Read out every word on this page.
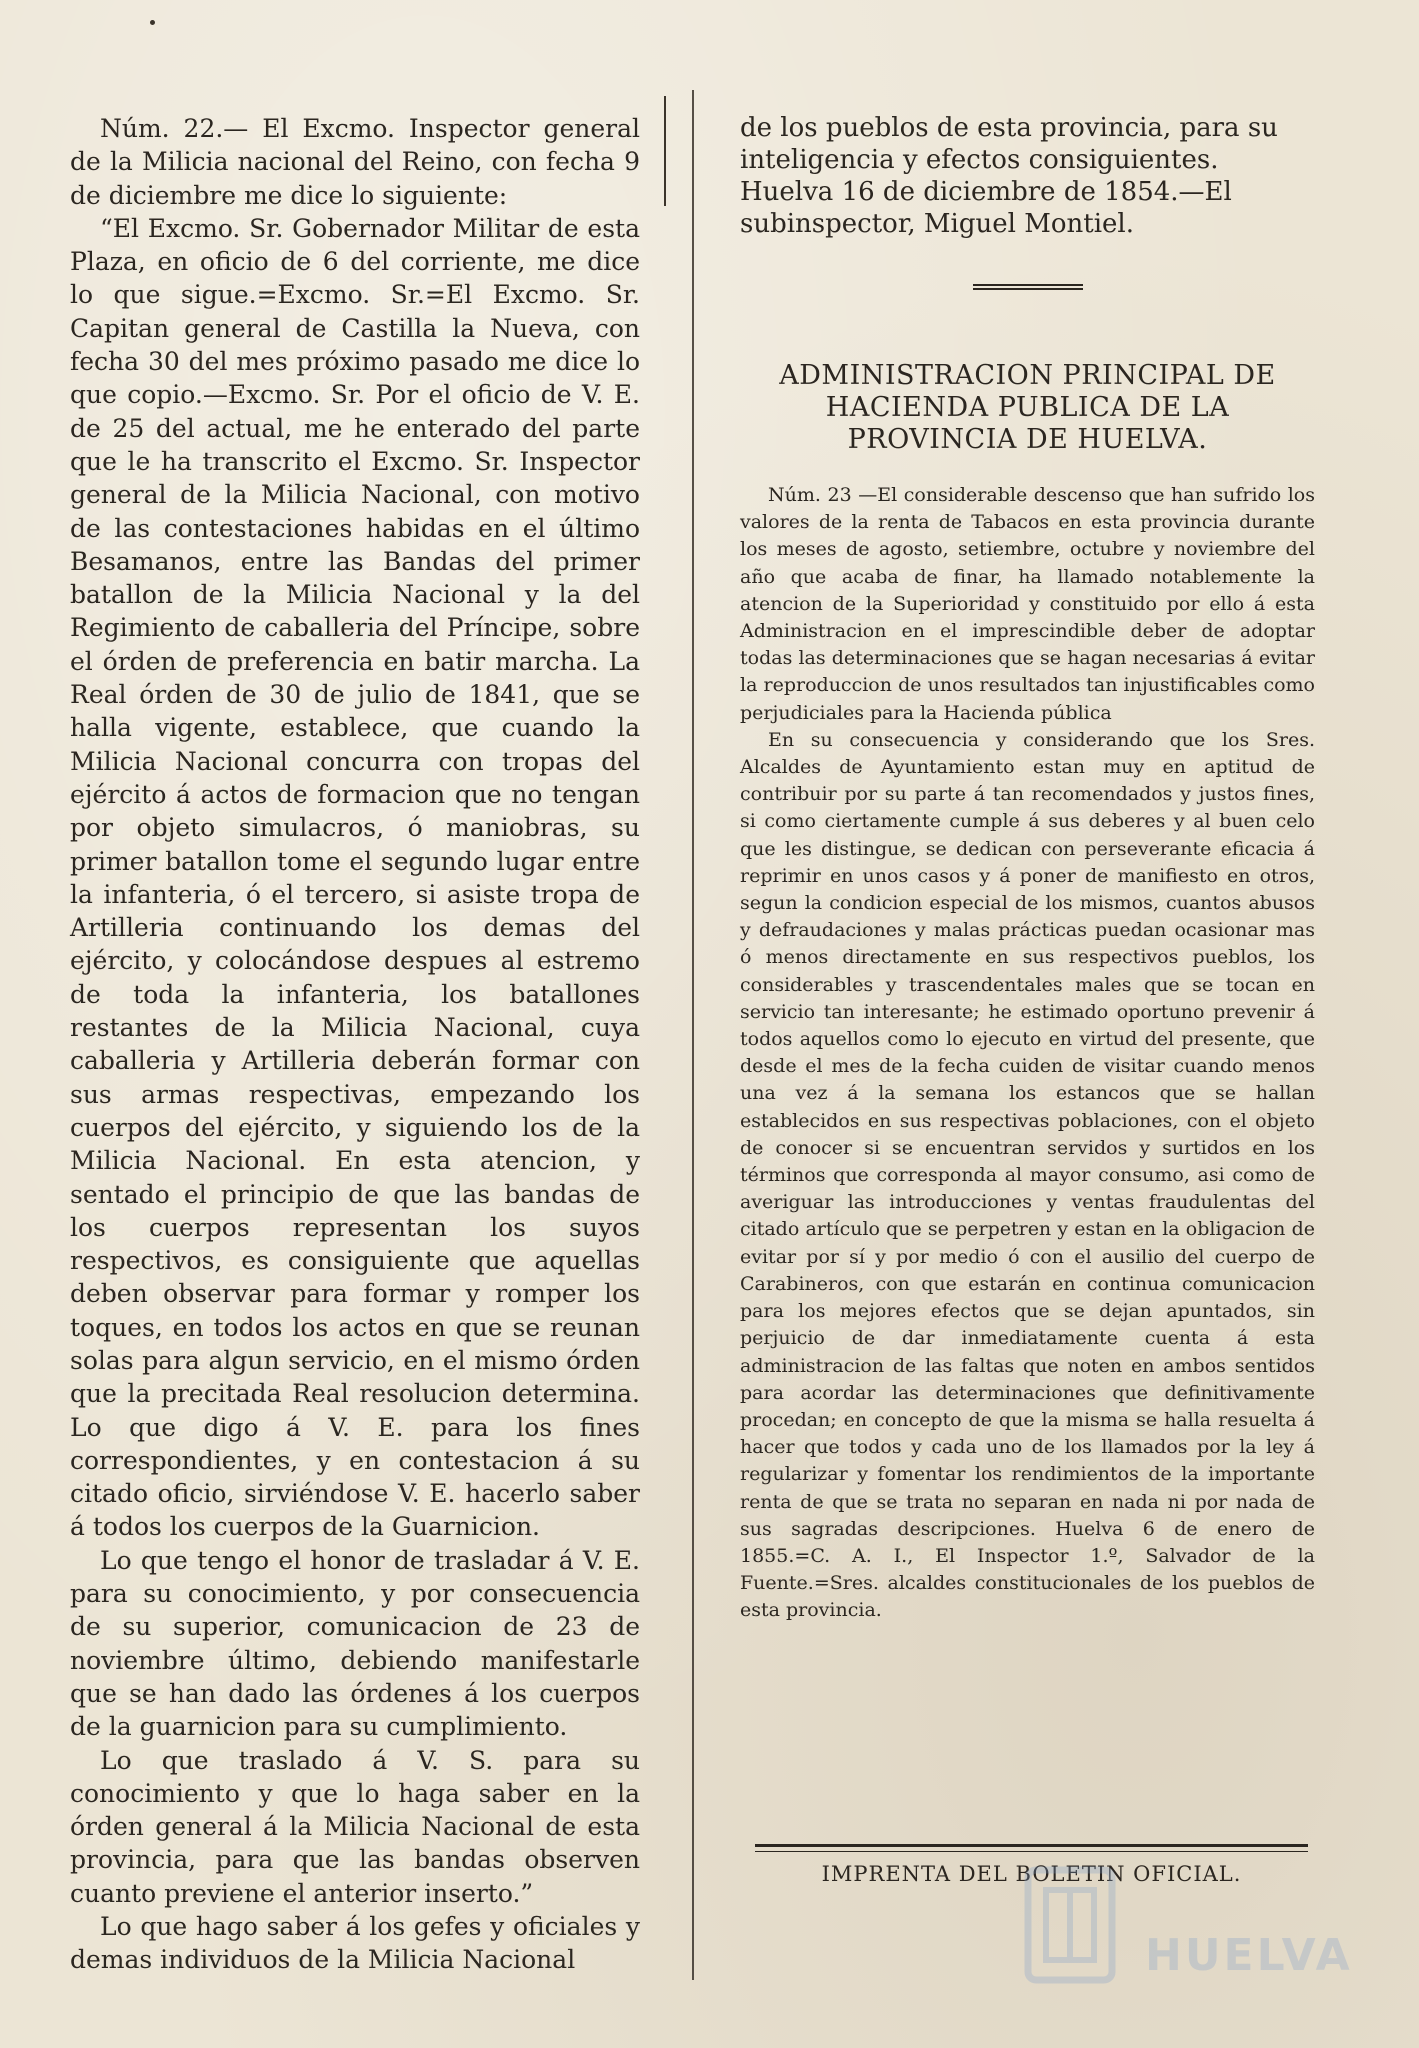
Núm. 22.— El Excmo. Inspector general de la Milicia nacional del Reino, con fecha 9 de diciembre me dice lo siguiente:

“El Excmo. Sr. Gobernador Militar de esta Plaza, en oficio de 6 del corriente, me dice lo que sigue.=Excmo. Sr.=El Excmo. Sr. Capitan general de Castilla la Nueva, con fecha 30 del mes próximo pasado me dice lo que copio.—Excmo. Sr. Por el oficio de V. E. de 25 del actual, me he enterado del parte que le ha transcrito el Excmo. Sr. Inspector general de la Milicia Nacional, con motivo de las contestaciones habidas en el último Besamanos, entre las Bandas del primer batallon de la Milicia Nacional y la del Regimiento de caballeria del Príncipe, sobre el órden de preferencia en batir marcha. La Real órden de 30 de julio de 1841, que se halla vigente, establece, que cuando la Milicia Nacional concurra con tropas del ejército á actos de formacion que no tengan por objeto simulacros, ó maniobras, su primer batallon tome el segundo lugar entre la infanteria, ó el tercero, si asiste tropa de Artilleria continuando los demas del ejército, y colocándose despues al estremo de toda la infanteria, los batallones restantes de la Milicia Nacional, cuya caballeria y Artilleria deberán formar con sus armas respectivas, empezando los cuerpos del ejército, y siguiendo los de la Milicia Nacional. En esta atencion, y sentado el principio de que las bandas de los cuerpos representan los suyos respectivos, es consiguiente que aquellas deben observar para formar y romper los toques, en todos los actos en que se reunan solas para algun servicio, en el mismo órden que la precitada Real resolucion determina. Lo que digo á V. E. para los fines correspondientes, y en contestacion á su citado oficio, sirviéndose V. E. hacerlo saber á todos los cuerpos de la Guarnicion.

Lo que tengo el honor de trasladar á V. E. para su conocimiento, y por consecuencia de su superior, comunicacion de 23 de noviembre último, debiendo manifestarle que se han dado las órdenes á los cuerpos de la guarnicion para su cumplimiento.

Lo que traslado á V. S. para su conocimiento y que lo haga saber en la órden general á la Milicia Nacional de esta provincia, para que las bandas observen cuanto previene el anterior inserto.”

Lo que hago saber á los gefes y oficiales y demas individuos de la Milicia Nacional

de los pueblos de esta provincia, para su inteligencia y efectos consiguientes. Huelva 16 de diciembre de 1854.—El subinspector, Miguel Montiel.

ADMINISTRACION PRINCIPAL DE HACIENDA PUBLICA DE LA PROVINCIA DE HUELVA.

Núm. 23 —El considerable descenso que han sufrido los valores de la renta de Tabacos en esta provincia durante los meses de agosto, setiembre, octubre y noviembre del año que acaba de finar, ha llamado notablemente la atencion de la Superioridad y constituido por ello á esta Administracion en el imprescindible deber de adoptar todas las determinaciones que se hagan necesarias á evitar la reproduccion de unos resultados tan injustificables como perjudiciales para la Hacienda pública

En su consecuencia y considerando que los Sres. Alcaldes de Ayuntamiento estan muy en aptitud de contribuir por su parte á tan recomendados y justos fines, si como ciertamente cumple á sus deberes y al buen celo que les distingue, se dedican con perseverante eficacia á reprimir en unos casos y á poner de manifiesto en otros, segun la condicion especial de los mismos, cuantos abusos y defraudaciones y malas prácticas puedan ocasionar mas ó menos directamente en sus respectivos pueblos, los considerables y trascendentales males que se tocan en servicio tan interesante; he estimado oportuno prevenir á todos aquellos como lo ejecuto en virtud del presente, que desde el mes de la fecha cuiden de visitar cuando menos una vez á la semana los estancos que se hallan establecidos en sus respectivas poblaciones, con el objeto de conocer si se encuentran servidos y surtidos en los términos que corresponda al mayor consumo, asi como de averiguar las introducciones y ventas fraudulentas del citado artículo que se perpetren y estan en la obligacion de evitar por sí y por medio ó con el ausilio del cuerpo de Carabineros, con que estarán en continua comunicacion para los mejores efectos que se dejan apuntados, sin perjuicio de dar inmediatamente cuenta á esta administracion de las faltas que noten en ambos sentidos para acordar las determinaciones que definitivamente procedan; en concepto de que la misma se halla resuelta á hacer que todos y cada uno de los llamados por la ley á regularizar y fomentar los rendimientos de la importante renta de que se trata no separan en nada ni por nada de sus sagradas descripciones. Huelva 6 de enero de 1855.=C. A. I., El Inspector 1.º, Salvador de la Fuente.=Sres. alcaldes constitucionales de los pueblos de esta provincia.

IMPRENTA DEL BOLETIN OFICIAL.

HUELVA
